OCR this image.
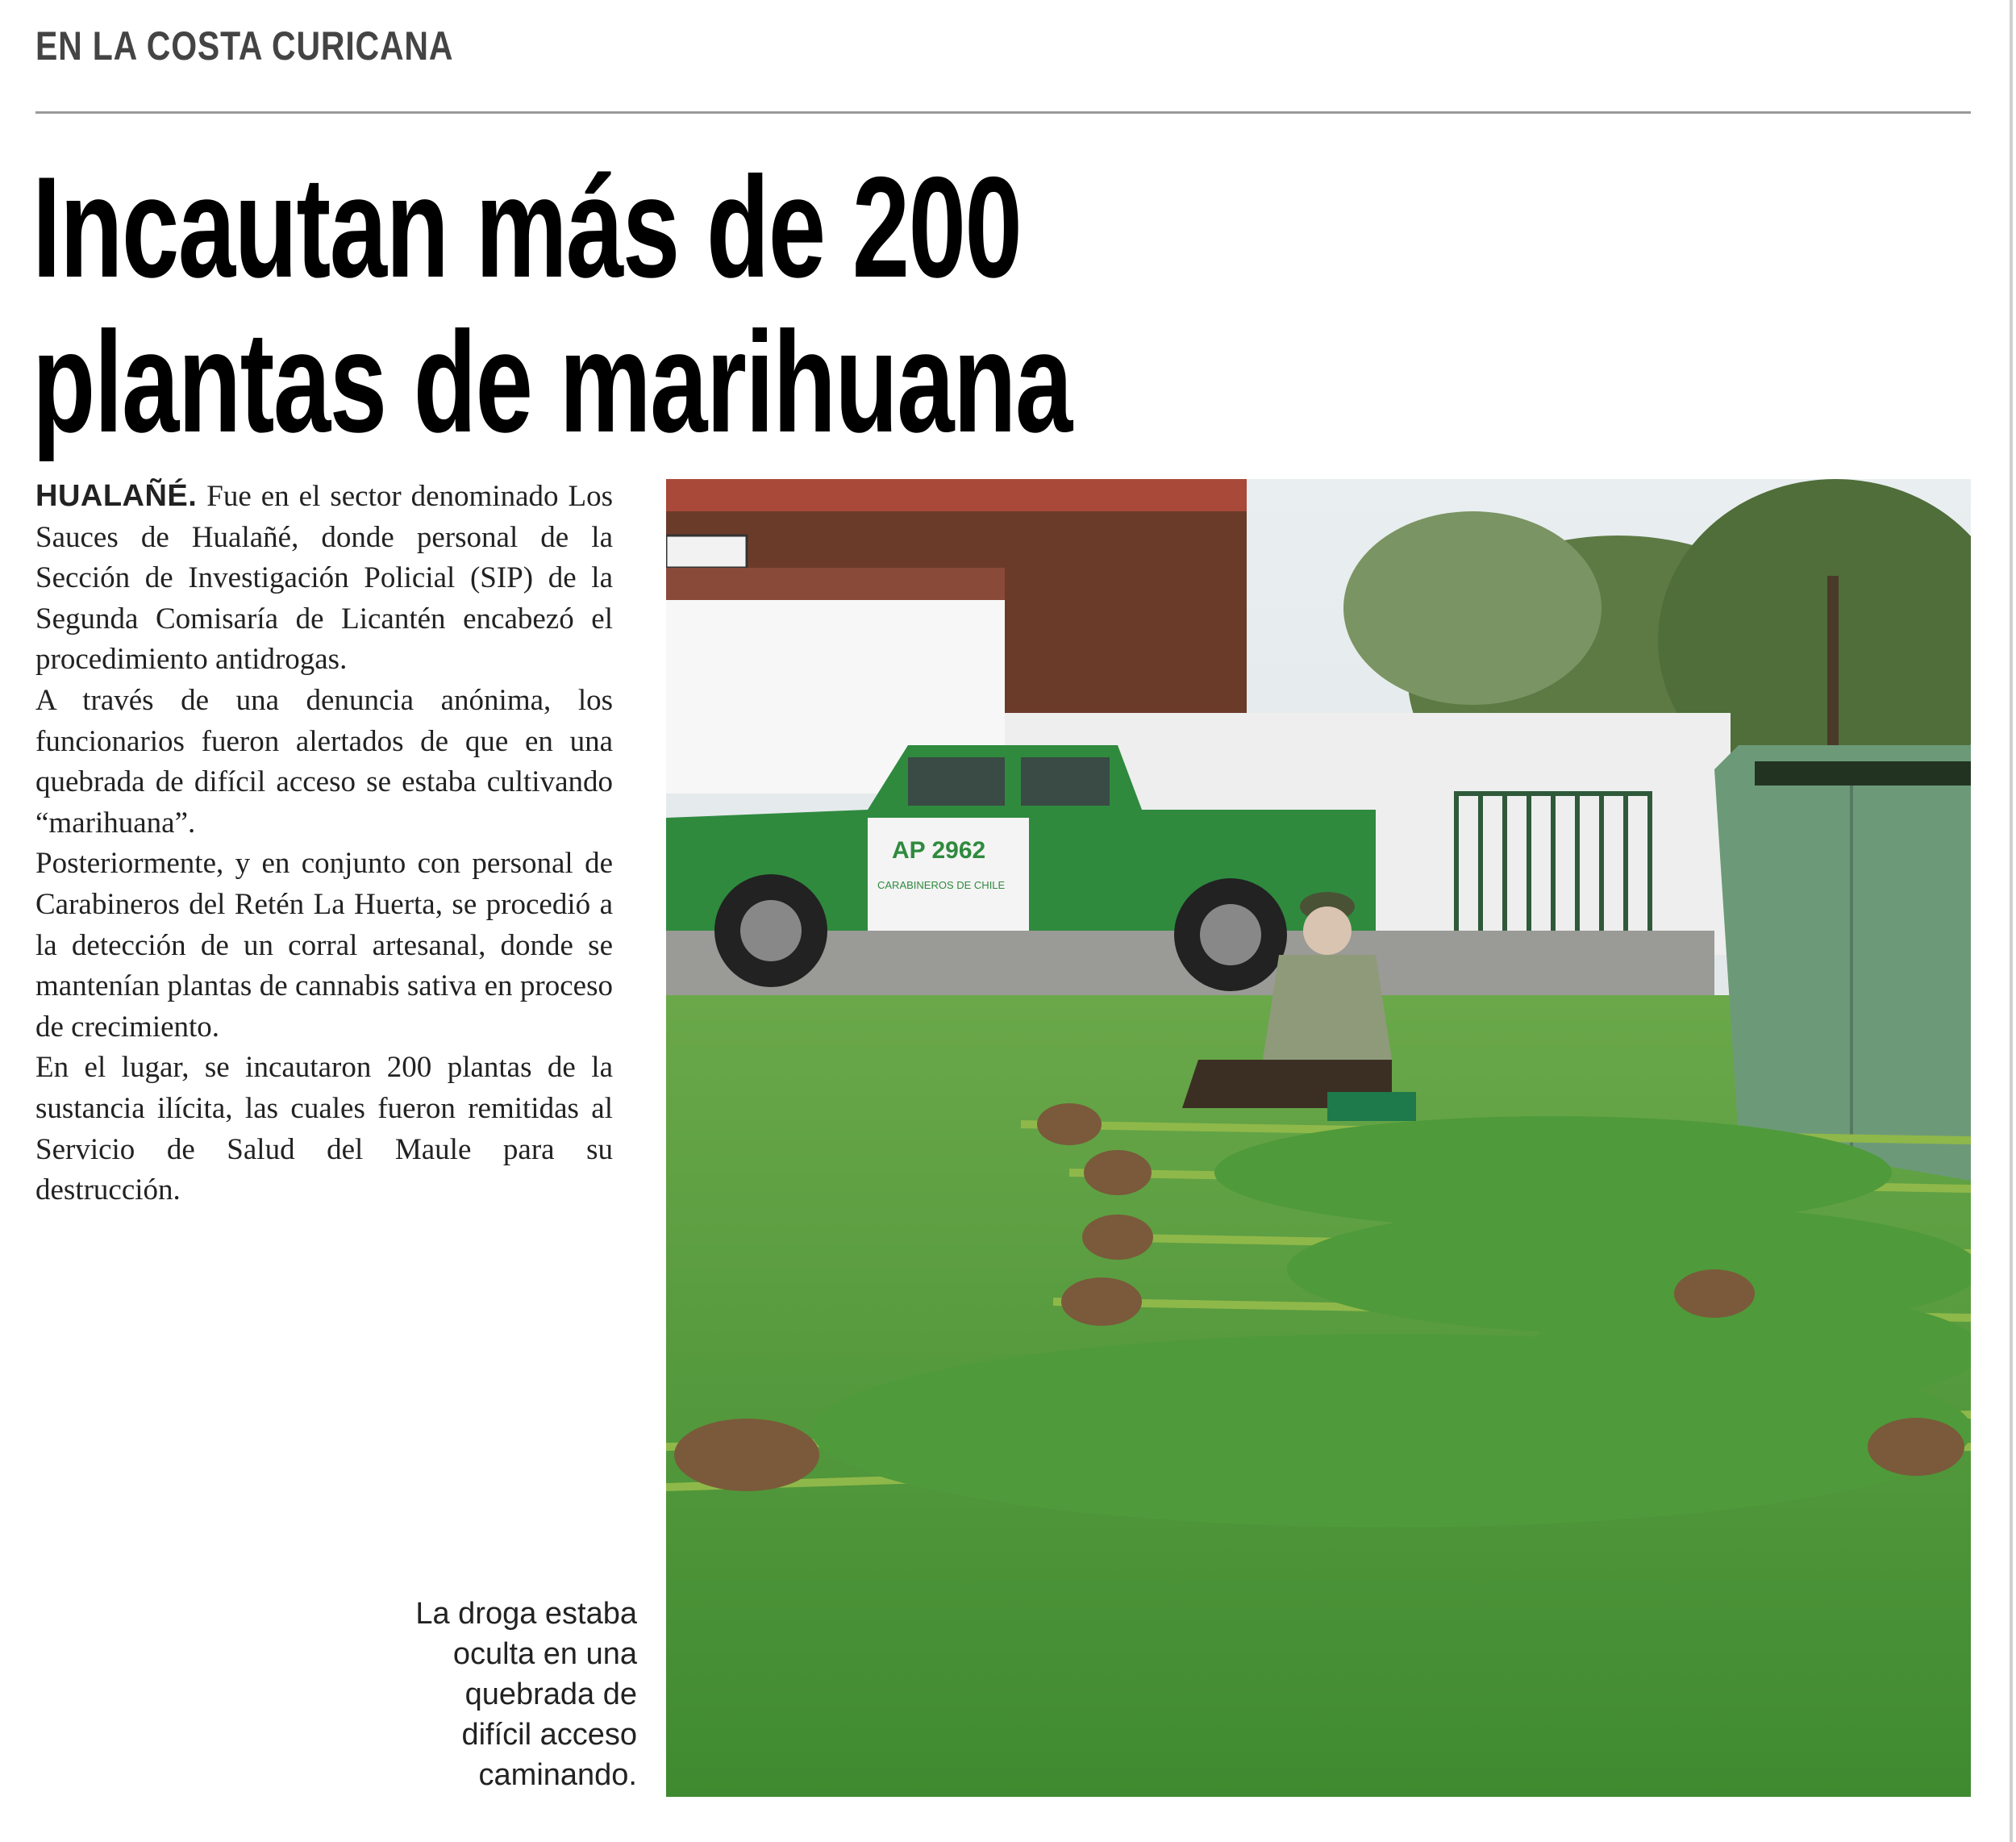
EN LA COSTA CURICANA
Incautan más de 200
plantas de marihuana

HUALAÑÉ. Fue en el sector denominado Los Sauces de Hualañé, donde personal de la Sección de Investigación Policial (SIP) de la Segunda Comisaría de Licantén encabezó el procedimiento antidrogas.

A través de una denuncia anónima, los funcionarios fueron alertados de que en una quebrada de difícil acceso se estaba cultivando “marihuana”.

Posteriormente, y en conjunto con personal de Carabineros del Retén La Huerta, se procedió a la detección de un corral artesanal, donde se mantenían plantas de cannabis sativa en proceso de crecimiento.

En el lugar, se incautaron 200 plantas de la sustancia ilícita, las cuales fueron remitidas al Servicio de Salud del Maule para su destrucción.

AP 2962
CARABINEROS DE CHILE
La droga estaba
oculta en una
quebrada de
difícil acceso
caminando.
